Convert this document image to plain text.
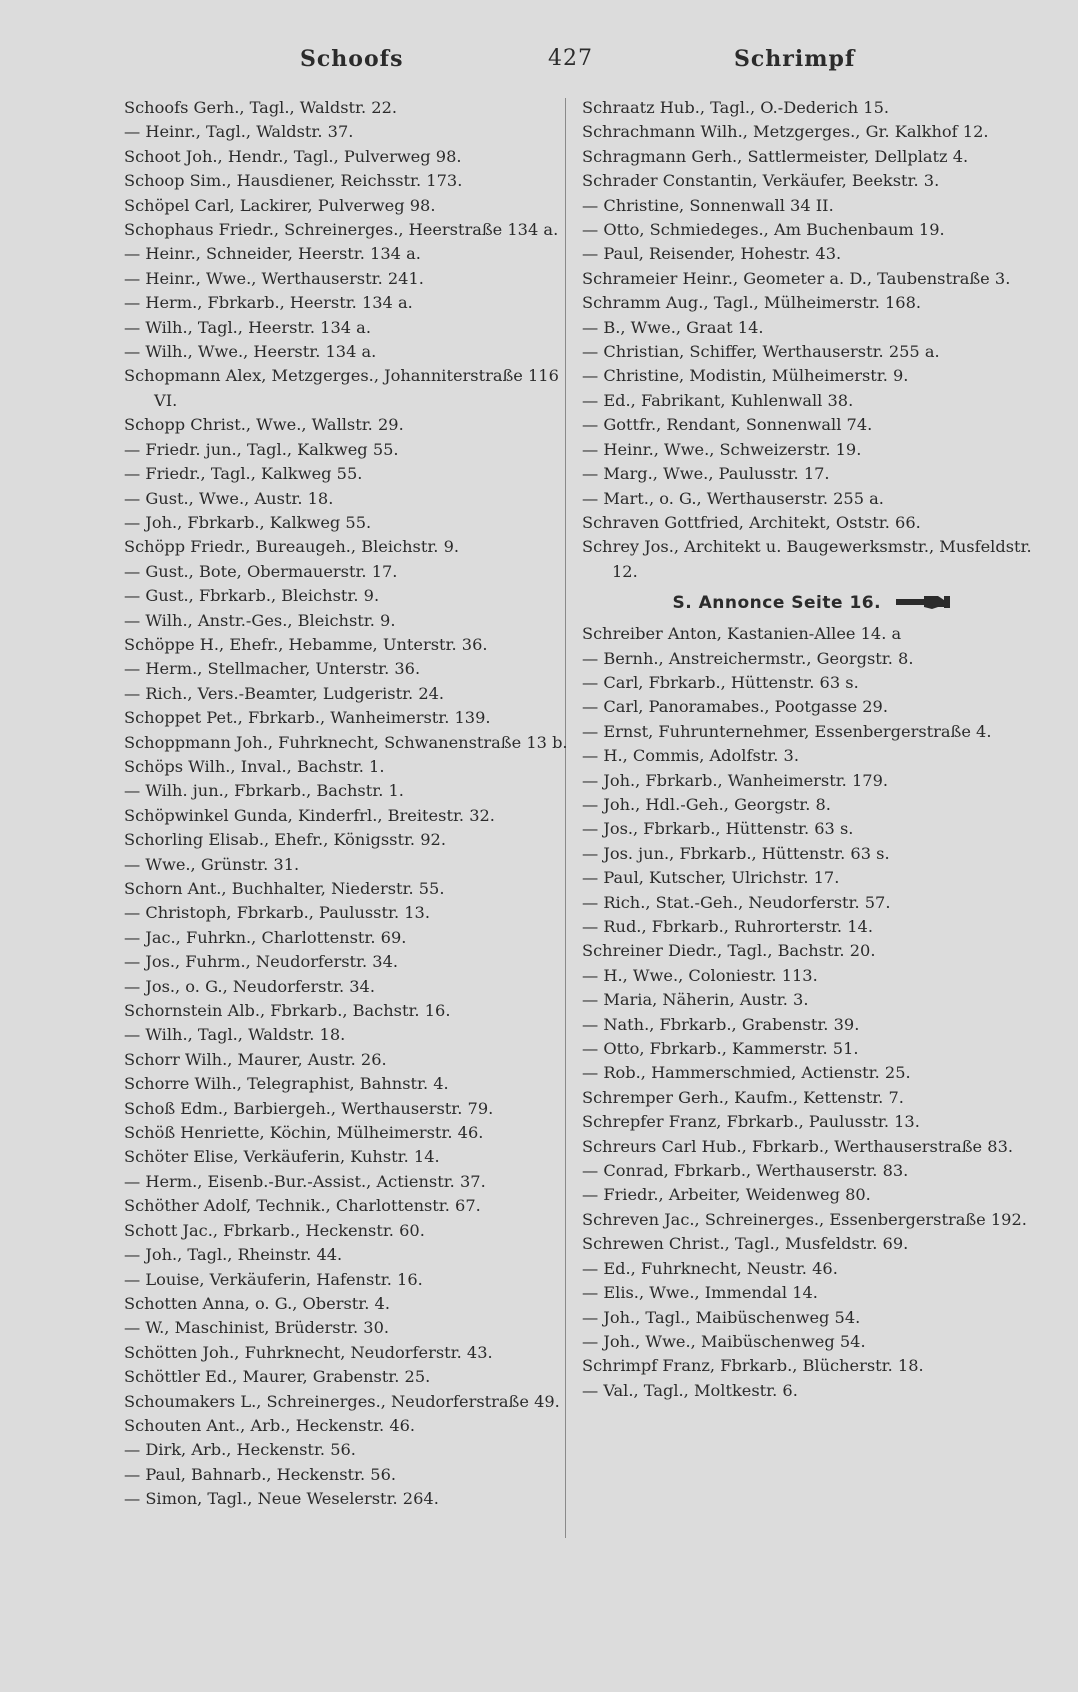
Schoofs	427	Schrimpf
Schoofs Gerh., Tagl., Waldstr. 22.
— Heinr., Tagl., Waldstr. 37.
Schoot Joh., Hendr., Tagl., Pulverweg 98.
Schoop Sim., Hausdiener, Reichsstr. 173.
Schöpel Carl, Lackirer, Pulverweg 98.
Schophaus Friedr., Schreinerges., Heerstraße 134 a.
— Heinr., Schneider, Heerstr. 134 a.
— Heinr., Wwe., Werthauserstr. 241.
— Herm., Fbrkarb., Heerstr. 134 a.
— Wilh., Tagl., Heerstr. 134 a.
— Wilh., Wwe., Heerstr. 134 a.
Schopmann Alex, Metzgerges., Johanniterstraße 116 VI.
Schopp Christ., Wwe., Wallstr. 29.
— Friedr. jun., Tagl., Kalkweg 55.
— Friedr., Tagl., Kalkweg 55.
— Gust., Wwe., Austr. 18.
— Joh., Fbrkarb., Kalkweg 55.
Schöpp Friedr., Bureaugeh., Bleichstr. 9.
— Gust., Bote, Obermauerstr. 17.
— Gust., Fbrkarb., Bleichstr. 9.
— Wilh., Anstr.-Ges., Bleichstr. 9.
Schöppe H., Ehefr., Hebamme, Unterstr. 36.
— Herm., Stellmacher, Unterstr. 36.
— Rich., Vers.-Beamter, Ludgeristr. 24.
Schoppet Pet., Fbrkarb., Wanheimerstr. 139.
Schoppmann Joh., Fuhrknecht, Schwanenstraße 13 b.
Schöps Wilh., Inval., Bachstr. 1.
— Wilh. jun., Fbrkarb., Bachstr. 1.
Schöpwinkel Gunda, Kinderfrl., Breitestr. 32.
Schorling Elisab., Ehefr., Königsstr. 92.
— Wwe., Grünstr. 31.
Schorn Ant., Buchhalter, Niederstr. 55.
— Christoph, Fbrkarb., Paulusstr. 13.
— Jac., Fuhrkn., Charlottenstr. 69.
— Jos., Fuhrm., Neudorferstr. 34.
— Jos., o. G., Neudorferstr. 34.
Schornstein Alb., Fbrkarb., Bachstr. 16.
— Wilh., Tagl., Waldstr. 18.
Schorr Wilh., Maurer, Austr. 26.
Schorre Wilh., Telegraphist, Bahnstr. 4.
Schoß Edm., Barbiergeh., Werthauserstr. 79.
Schöß Henriette, Köchin, Mülheimerstr. 46.
Schöter Elise, Verkäuferin, Kuhstr. 14.
— Herm., Eisenb.-Bur.-Assist., Actienstr. 37.
Schöther Adolf, Technik., Charlottenstr. 67.
Schott Jac., Fbrkarb., Heckenstr. 60.
— Joh., Tagl., Rheinstr. 44.
— Louise, Verkäuferin, Hafenstr. 16.
Schotten Anna, o. G., Oberstr. 4.
— W., Maschinist, Brüderstr. 30.
Schötten Joh., Fuhrknecht, Neudorferstr. 43.
Schöttler Ed., Maurer, Grabenstr. 25.
Schoumakers L., Schreinerges., Neudorferstraße 49.
Schouten Ant., Arb., Heckenstr. 46.
— Dirk, Arb., Heckenstr. 56.
— Paul, Bahnarb., Heckenstr. 56.
— Simon, Tagl., Neue Weselerstr. 264.
Schraatz Hub., Tagl., O.-Dederich 15.
Schrachmann Wilh., Metzgerges., Gr. Kalkhof 12.
Schragmann Gerh., Sattlermeister, Dellplatz 4.
Schrader Constantin, Verkäufer, Beekstr. 3.
— Christine, Sonnenwall 34 II.
— Otto, Schmiedeges., Am Buchenbaum 19.
— Paul, Reisender, Hohestr. 43.
Schrameier Heinr., Geometer a. D., Taubenstraße 3.
Schramm Aug., Tagl., Mülheimerstr. 168.
— B., Wwe., Graat 14.
— Christian, Schiffer, Werthauserstr. 255 a.
— Christine, Modistin, Mülheimerstr. 9.
— Ed., Fabrikant, Kuhlenwall 38.
— Gottfr., Rendant, Sonnenwall 74.
— Heinr., Wwe., Schweizerstr. 19.
— Marg., Wwe., Paulusstr. 17.
— Mart., o. G., Werthauserstr. 255 a.
Schraven Gottfried, Architekt, Oststr. 66.
Schrey Jos., Architekt u. Baugewerksmstr., Musfeldstr. 12.
S. Annonce Seite 16.
Schreiber Anton, Kastanien-Allee 14. a
— Bernh., Anstreichermstr., Georgstr. 8.
— Carl, Fbrkarb., Hüttenstr. 63 s.
— Carl, Panoramabes., Pootgasse 29.
— Ernst, Fuhrunternehmer, Essenbergerstraße 4.
— H., Commis, Adolfstr. 3.
— Joh., Fbrkarb., Wanheimerstr. 179.
— Joh., Hdl.-Geh., Georgstr. 8.
— Jos., Fbrkarb., Hüttenstr. 63 s.
— Jos. jun., Fbrkarb., Hüttenstr. 63 s.
— Paul, Kutscher, Ulrichstr. 17.
— Rich., Stat.-Geh., Neudorferstr. 57.
— Rud., Fbrkarb., Ruhrorterstr. 14.
Schreiner Diedr., Tagl., Bachstr. 20.
— H., Wwe., Coloniestr. 113.
— Maria, Näherin, Austr. 3.
— Nath., Fbrkarb., Grabenstr. 39.
— Otto, Fbrkarb., Kammerstr. 51.
— Rob., Hammerschmied, Actienstr. 25.
Schremper Gerh., Kaufm., Kettenstr. 7.
Schrepfer Franz, Fbrkarb., Paulusstr. 13.
Schreurs Carl Hub., Fbrkarb., Werthauserstraße 83.
— Conrad, Fbrkarb., Werthauserstr. 83.
— Friedr., Arbeiter, Weidenweg 80.
Schreven Jac., Schreinerges., Essenbergerstraße 192.
Schrewen Christ., Tagl., Musfeldstr. 69.
— Ed., Fuhrknecht, Neustr. 46.
— Elis., Wwe., Immendal 14.
— Joh., Tagl., Maibüschenweg 54.
— Joh., Wwe., Maibüschenweg 54.
Schrimpf Franz, Fbrkarb., Blücherstr. 18.
— Val., Tagl., Moltkestr. 6.
